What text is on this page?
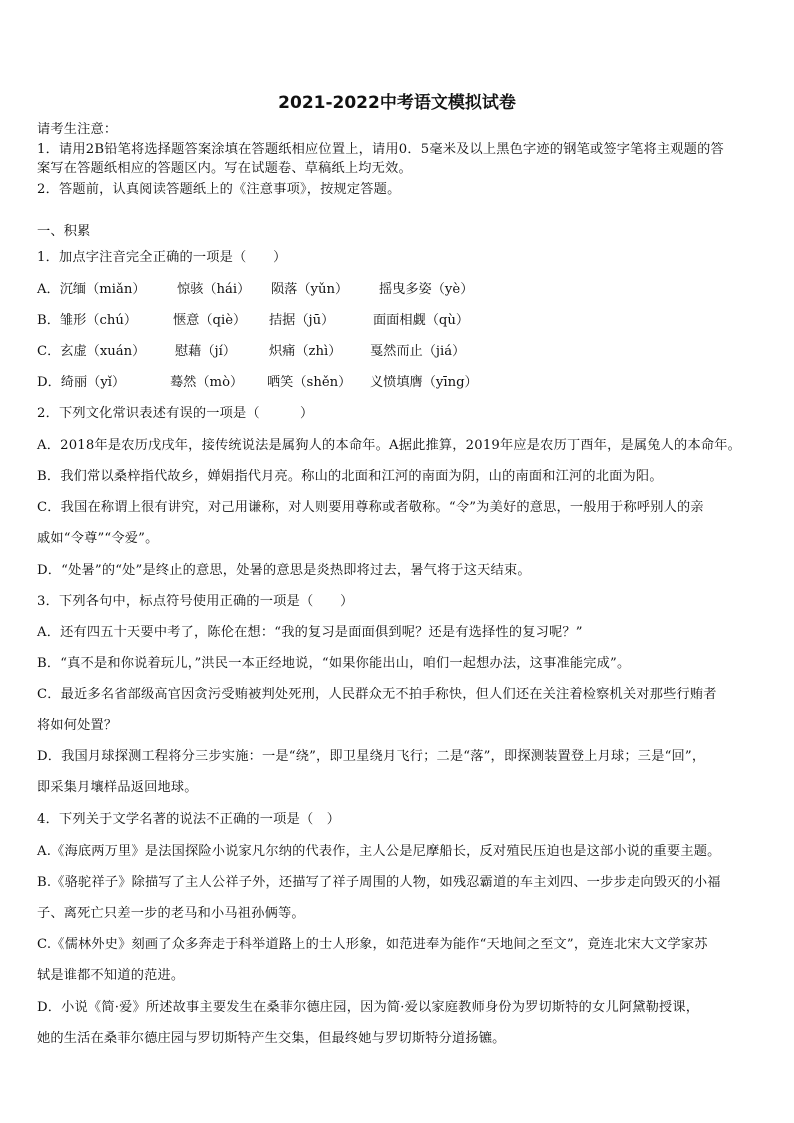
2021-2022中考语文模拟试卷
请考生注意：
1．请用2B铅笔将选择题答案涂填在答题纸相应位置上，请用0．5毫米及以上黑色字迹的钢笔或签字笔将主观题的答
案写在答题纸相应的答题区内。写在试题卷、草稿纸上均无效。
2．答题前，认真阅读答题纸上的《注意事项》，按规定答题。
一、积累
1．加点字注音完全正确的一项是（　　）
A．沉缅（miǎn） 惊骇（hái） 陨落（yǔn） 摇曳多姿（yè）
B．雏形（chú）	惬意（qiè） 拮据（jū）	面面相觑（qù）
C．玄虚（xuán） 慰藉（jí） 炽痛（zhì） 戛然而止（jiá）
D．绮丽（yǐ）	蓦然（mò） 哂笑（shěn） 义愤填膺（yīng）
2．下列文化常识表述有误的一项是（　　　）
A．2018年是农历戊戌年，接传统说法是属狗人的本命年。A据此推算，2019年应是农历丁酉年，是属兔人的本命年。
B．我们常以桑梓指代故乡，婵娟指代月亮。称山的北面和江河的南面为阴，山的南面和江河的北面为阳。
C．我国在称谓上很有讲究，对己用谦称，对人则要用尊称或者敬称。“令”为美好的意思，一般用于称呼别人的亲
戚如“令尊”“令爱”。
D．“处暑”的“处”是终止的意思，处暑的意思是炎热即将过去，暑气将于这天结束。
3．下列各句中，标点符号使用正确的一项是（　　）
A．还有四五十天要中考了，陈伦在想：“我的复习是面面俱到呢？还是有选择性的复习呢？”
B．“真不是和你说着玩儿，”洪民一本正经地说，“如果你能出山，咱们一起想办法，这事准能完成”。
C．最近多名省部级高官因贪污受贿被判处死刑，人民群众无不拍手称快，但人们还在关注着检察机关对那些行贿者
将如何处置？
D．我国月球探测工程将分三步实施：一是“绕”，即卫星绕月飞行；二是“落”，即探测装置登上月球；三是“回”，
即采集月壤样品返回地球。
4．下列关于文学名著的说法不正确的一项是（　）
A.《海底两万里》是法国探险小说家凡尔纳的代表作，主人公是尼摩船长，反对殖民压迫也是这部小说的重要主题。
B.《骆驼祥子》除描写了主人公祥子外，还描写了祥子周围的人物，如残忍霸道的车主刘四、一步步走向毁灭的小福
子、离死亡只差一步的老马和小马祖孙俩等。
C.《儒林外史》刻画了众多奔走于科举道路上的士人形象，如范进奉为能作“天地间之至文”，竟连北宋大文学家苏
轼是谁都不知道的范进。
D．小说《简·爱》所述故事主要发生在桑菲尔德庄园，因为简·爱以家庭教师身份为罗切斯特的女儿阿黛勒授课，
她的生活在桑菲尔德庄园与罗切斯特产生交集，但最终她与罗切斯特分道扬镳。
